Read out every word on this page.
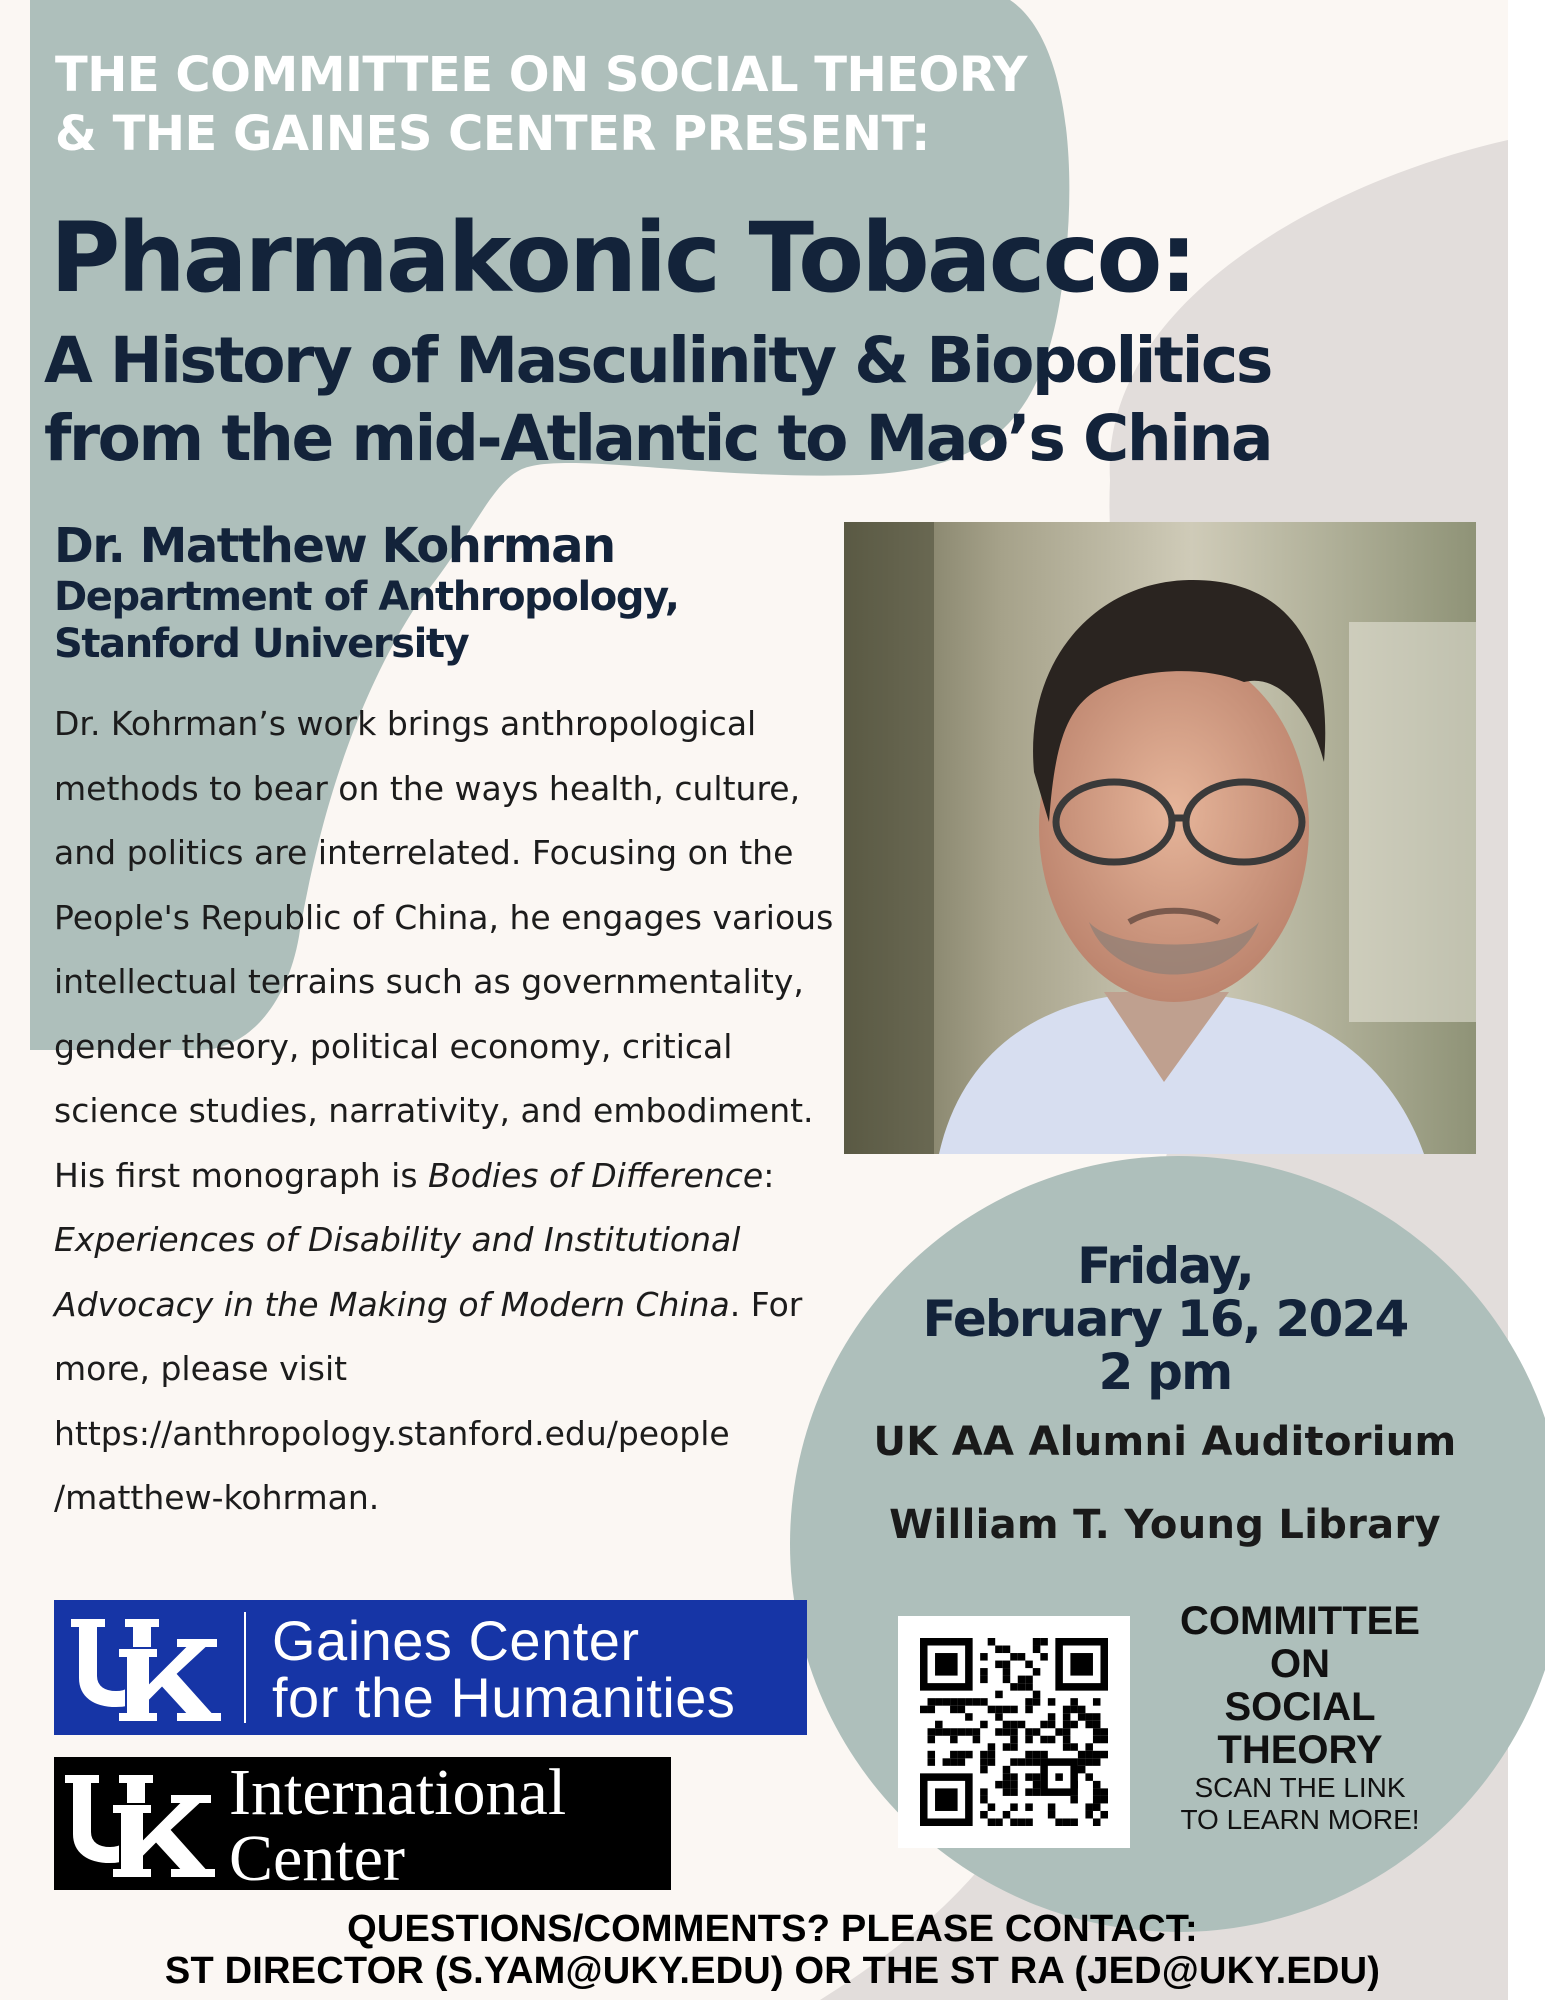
THE COMMITTEE ON SOCIAL THEORY
& THE GAINES CENTER PRESENT:
Pharmakonic Tobacco:
A History of Masculinity & Biopolitics
from the mid-Atlantic to Mao’s China
Dr. Matthew Kohrman
Department of Anthropology,
Stanford University
Dr. Kohrman’s work brings anthropological methods to bear on the ways health, culture, and politics are interrelated. Focusing on the People's Republic of China, he engages various intellectual terrains such as governmentality, gender theory, political economy, critical science studies, narrativity, and embodiment. His first monograph is Bodies of Difference: Experiences of Disability and Institutional Advocacy in the Making of Modern China. For more, please visit https://anthropology.stanford.edu/people
/matthew-kohrman.
Friday,
February 16, 2024
2 pm
UK AA Alumni Auditorium
William T. Young Library
COMMITTEE
ON
SOCIAL
THEORY
SCAN THE LINK
TO LEARN MORE!
Gaines Center
for the Humanities
International
Center
QUESTIONS/COMMENTS? PLEASE CONTACT:
ST DIRECTOR (S.YAM@UKY.EDU) OR THE ST RA (JED@UKY.EDU)
